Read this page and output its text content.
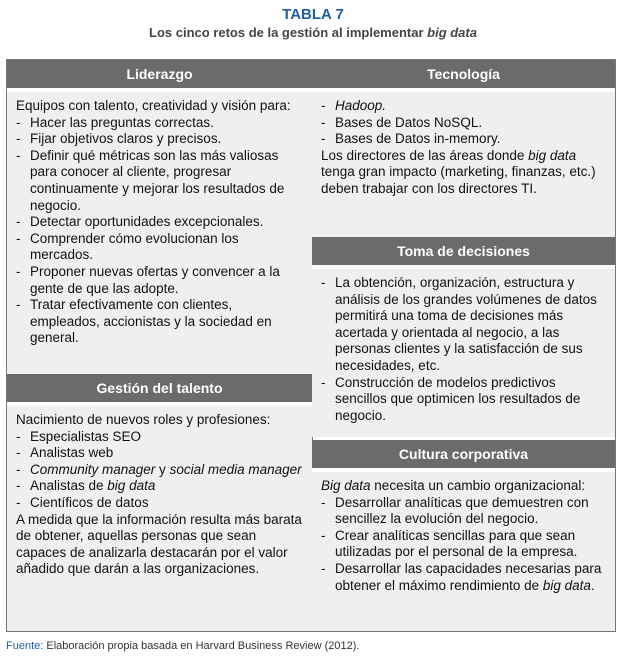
TABLA 7
Los cinco retos de la gestión al implementar big data
Liderazgo

Equipos con talento, creatividad y visión para:

- Hacer las preguntas correctas.
- Fijar objetivos claros y precisos.
- Definir qué métricas son las más valiosas para conocer al cliente, progresar continuamente y mejorar los resultados de negocio.
- Detectar oportunidades excepcionales.
- Comprender cómo evolucionan los mercados.
- Proponer nuevas ofertas y convencer a la gente de que las adopte.
- Tratar efectivamente con clientes, empleados, accionistas y la sociedad en general.
Gestión del talento

Nacimiento de nuevos roles y profesiones:

- Especialistas SEO
- Analistas web
- Community manager y social media manager
- Analistas de big data
- Científicos de datos

A medida que la información resulta más barata de obtener, aquellas personas que sean capaces de analizarla destacarán por el valor añadido que darán a las organizaciones.

Tecnología
- Hadoop.
- Bases de Datos NoSQL.
- Bases de Datos in-memory.

Los directores de las áreas donde big data tenga gran impacto (marketing, finanzas, etc.) deben trabajar con los directores TI.

Toma de decisiones
- La obtención, organización, estructura y análisis de los grandes volúmenes de datos permitirá una toma de decisiones más acertada y orientada al negocio, a las personas clientes y la satisfacción de sus necesidades, etc.
- Construcción de modelos predictivos sencillos que optimicen los resultados de negocio.
Cultura corporativa

Big data necesita un cambio organizacional:

- Desarrollar analíticas que demuestren con sencillez la evolución del negocio.
- Crear analíticas sencillas para que sean utilizadas por el personal de la empresa.
- Desarrollar las capacidades necesarias para obtener el máximo rendimiento de big data.
Fuente: Elaboración propia basada en Harvard Business Review (2012).
